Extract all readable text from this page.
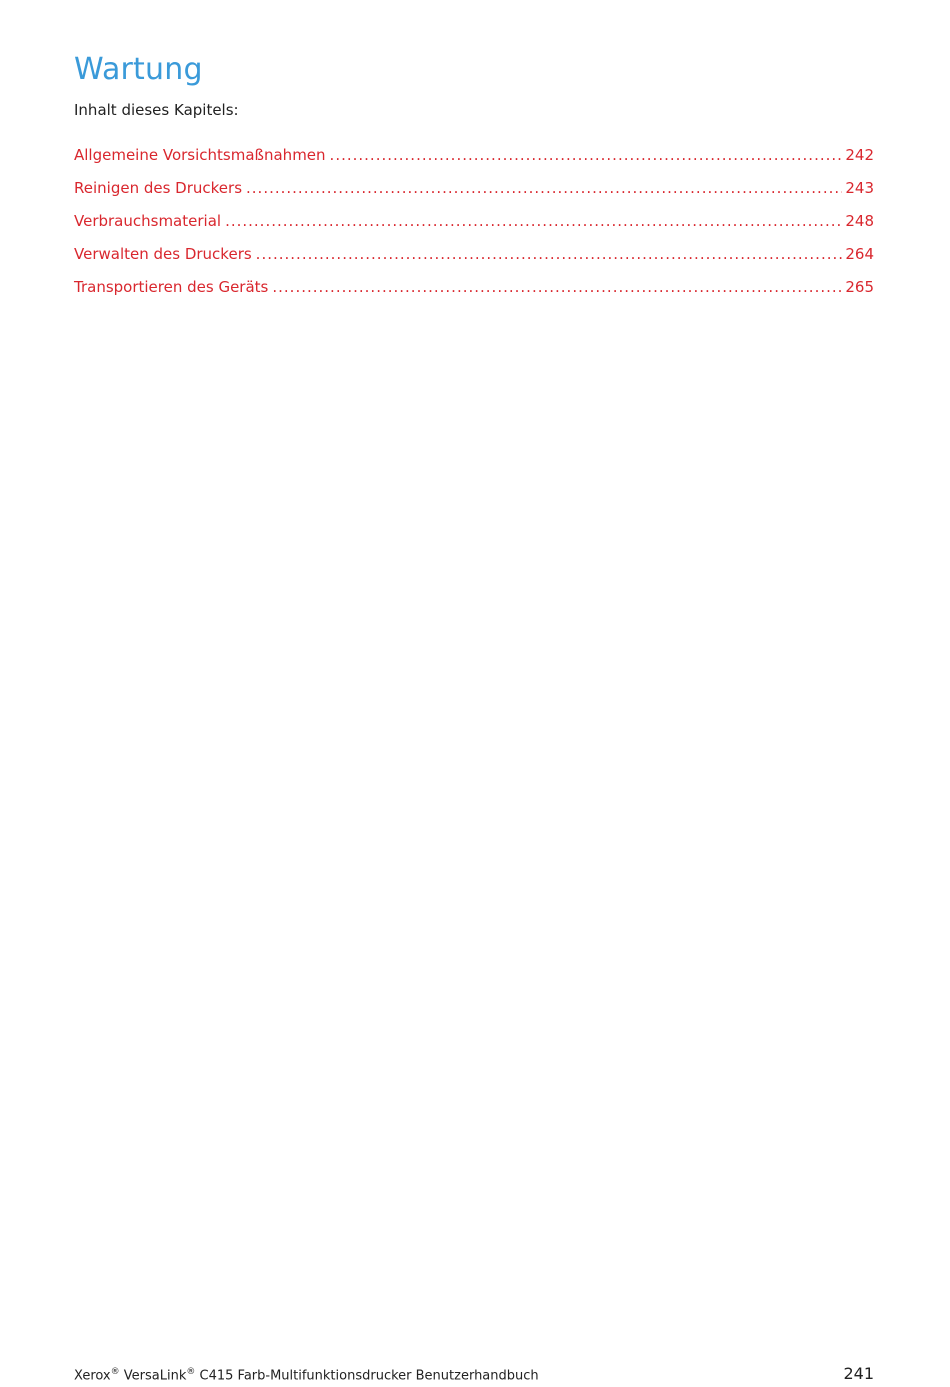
Wartung

Inhalt dieses Kapitels:

Allgemeine Vorsichtsmaßnahmen .....	242
Reinigen des Druckers .....	243
Verbrauchsmaterial .....	248
Verwalten des Druckers .....	264
Transportieren des Geräts .....	265
Xerox® VersaLink® C415 Farb-Multifunktionsdrucker Benutzerhandbuch	241
